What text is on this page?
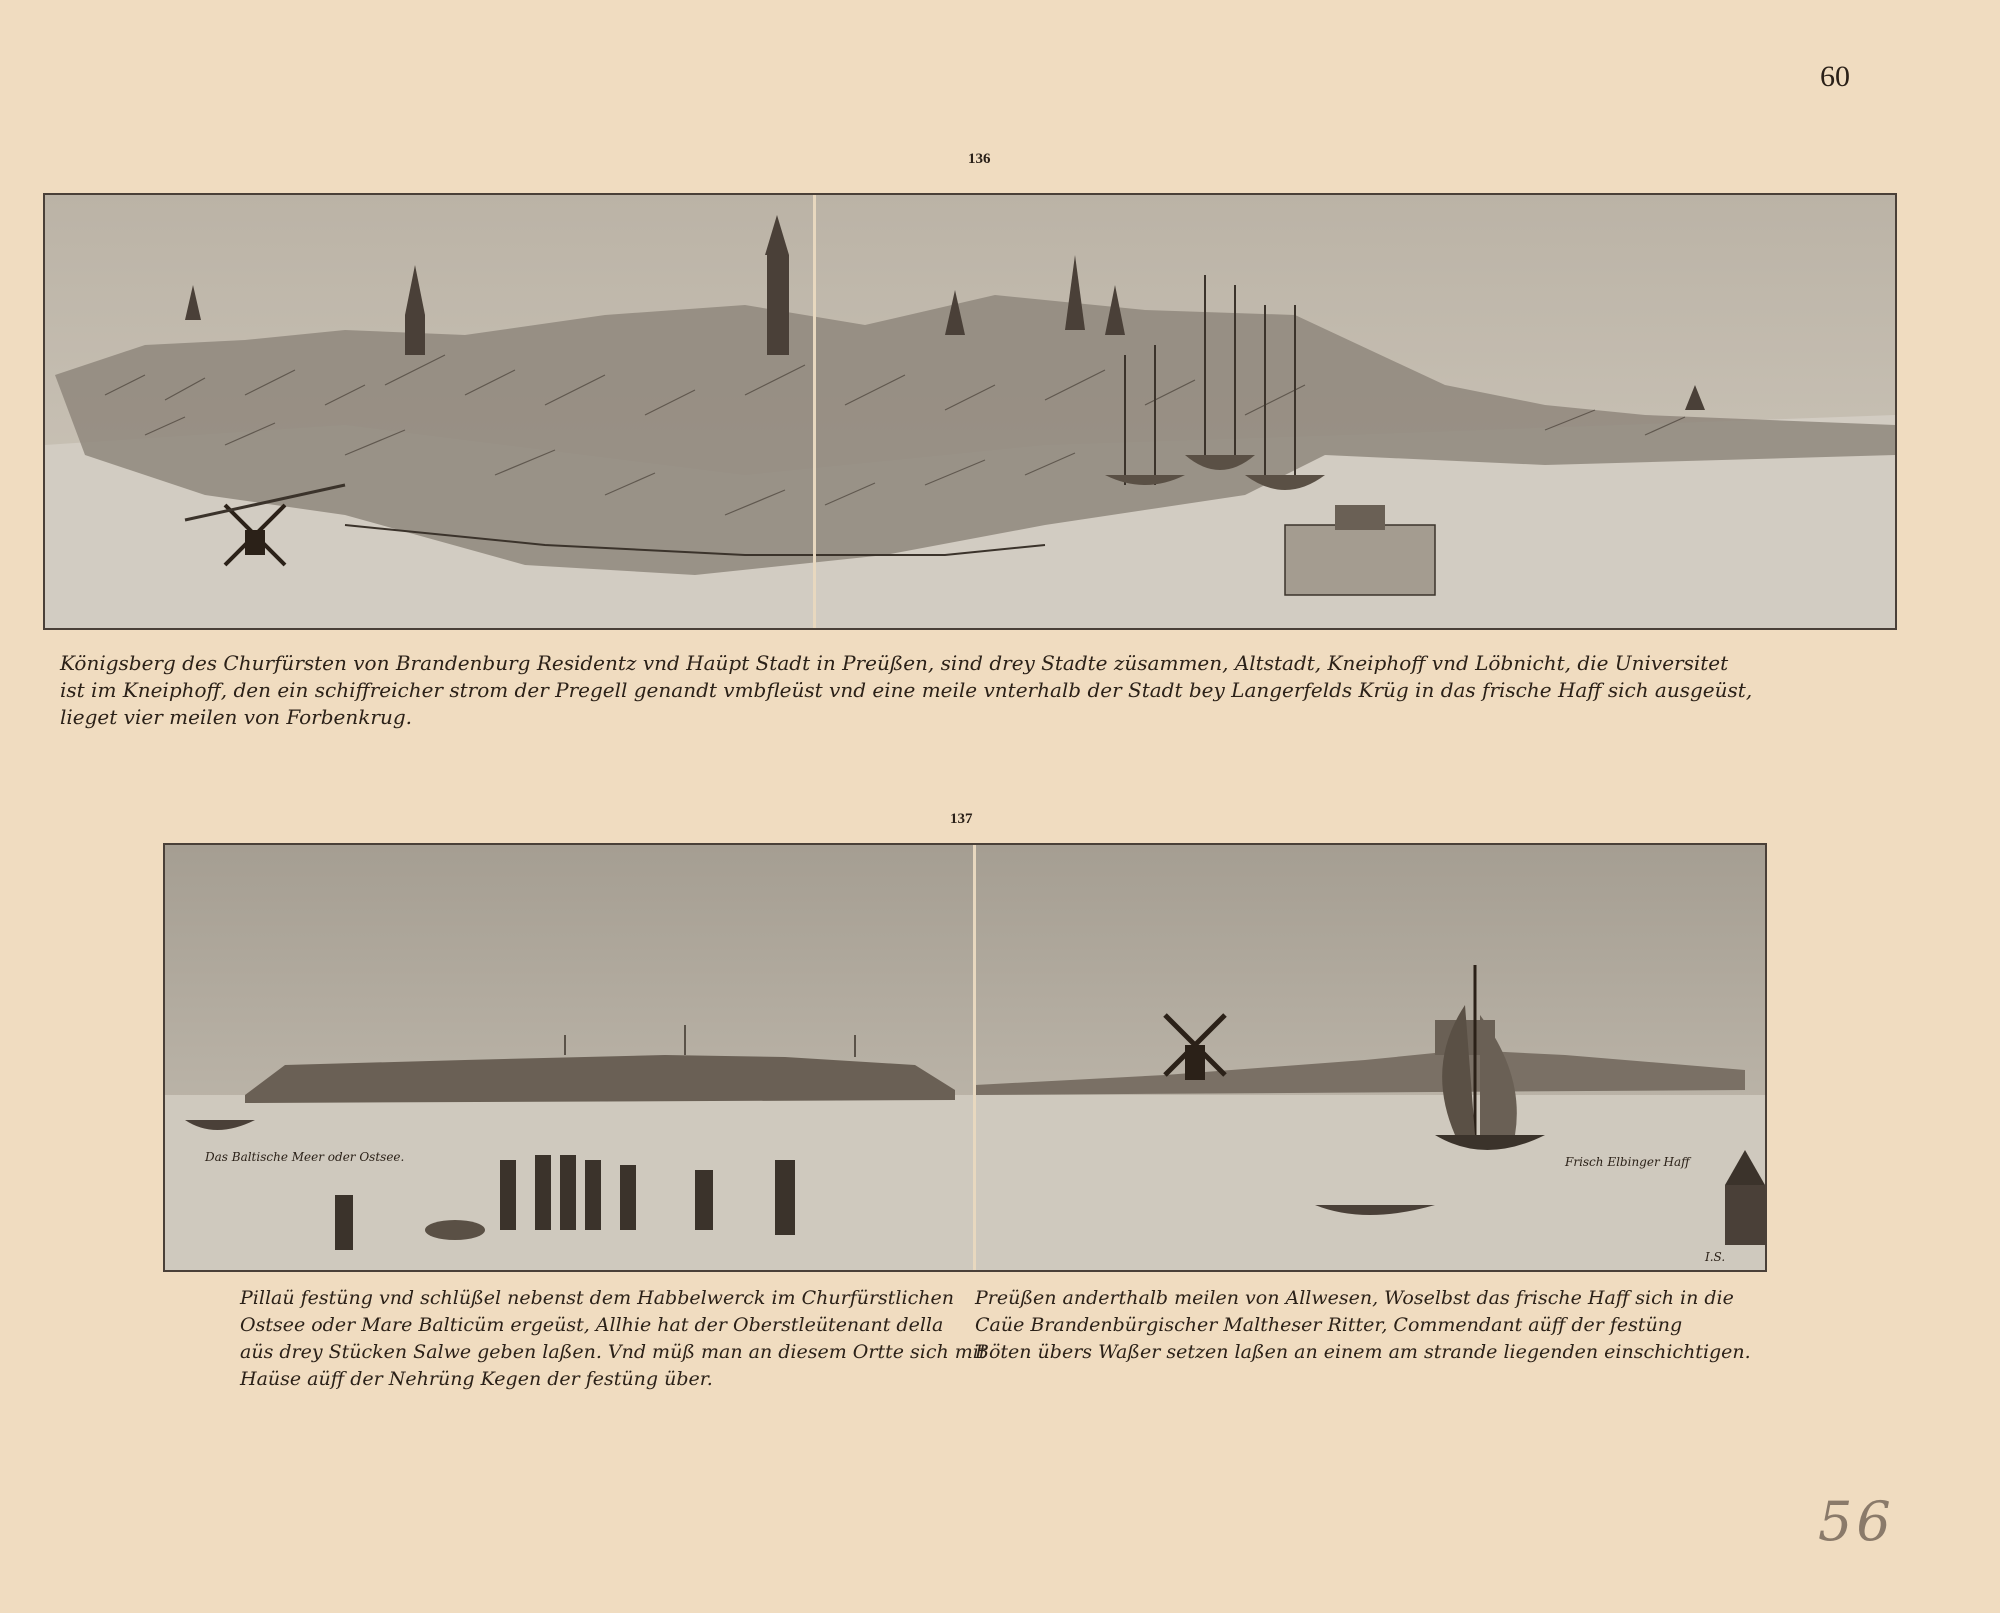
60
136
Königsberg des Churfürsten von Brandenburg Residentz vnd Haüpt Stadt in Preüßen, sind drey Stadte züsammen, Altstadt, Kneiphoff vnd Löbnicht, die Universitet
ist im Kneiphoff, den ein schiffreicher strom der Pregell genandt vmbfleüst vnd eine meile vnterhalb der Stadt bey Langerfelds Krüg in das frische Haff sich ausgeüst,
lieget vier meilen von Forbenkrug.
137
Das Baltische Meer oder Ostsee.	Frisch Elbinger Haff
I.S.
Pillaü festüng vnd schlüßel nebenst dem Habbelwerck im Churfürstlichen
Ostsee oder Mare Balticüm ergeüst, Allhie hat der Oberstleütenant della
aüs drey Stücken Salwe geben laßen. Vnd müß man an diesem Ortte sich mit
Haüse aüff der Nehrüng Kegen der festüng über.
Preüßen anderthalb meilen von Allwesen, Woselbst das frische Haff sich in die
Caüe Brandenbürgischer Maltheser Ritter, Commendant aüff der festüng
Böten übers Waßer setzen laßen an einem am strande liegenden einschichtigen.
56
